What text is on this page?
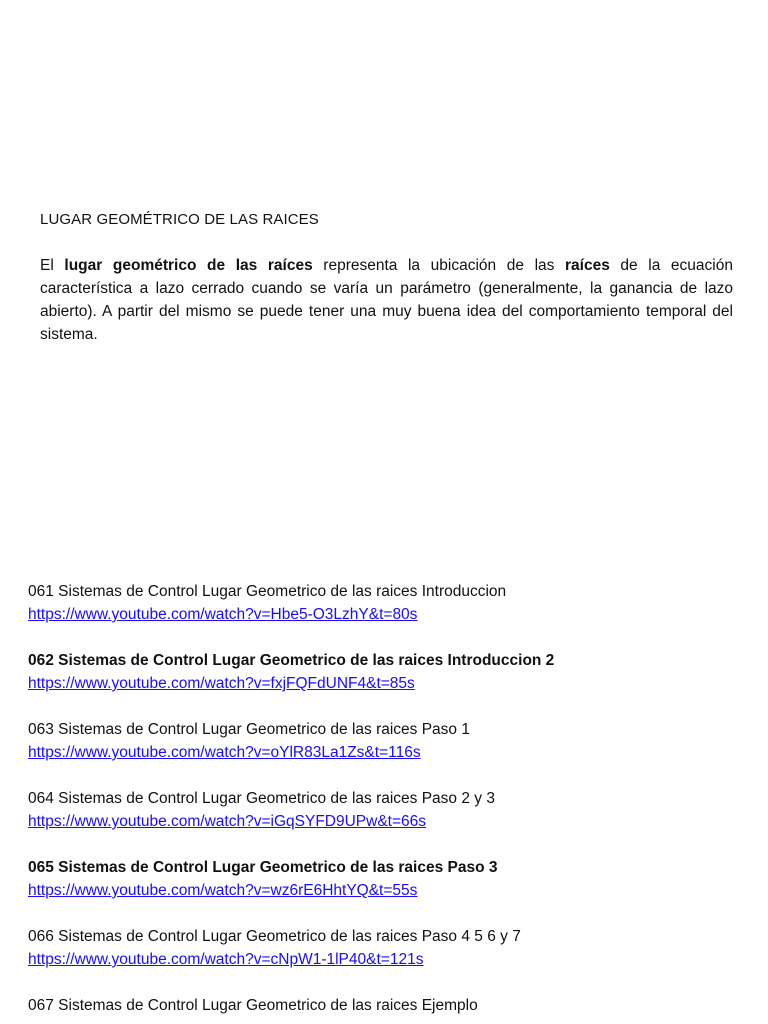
LUGAR GEOMÉTRICO DE LAS RAICES

El lugar geométrico de las raíces representa la ubicación de las raíces de la ecuación característica a lazo cerrado cuando se varía un parámetro (generalmente, la ganancia de lazo abierto). A partir del mismo se puede tener una muy buena idea del comportamiento temporal del sistema.

061 Sistemas de Control Lugar Geometrico de las raices Introduccion
https://www.youtube.com/watch?v=Hbe5-O3LzhY&t=80s
062 Sistemas de Control Lugar Geometrico de las raices Introduccion 2
https://www.youtube.com/watch?v=fxjFQFdUNF4&t=85s
063 Sistemas de Control Lugar Geometrico de las raices Paso 1
https://www.youtube.com/watch?v=oYlR83La1Zs&t=116s
064 Sistemas de Control Lugar Geometrico de las raices Paso 2 y 3
https://www.youtube.com/watch?v=iGqSYFD9UPw&t=66s
065 Sistemas de Control Lugar Geometrico de las raices Paso 3
https://www.youtube.com/watch?v=wz6rE6HhtYQ&t=55s
066 Sistemas de Control Lugar Geometrico de las raices Paso 4 5 6 y 7
https://www.youtube.com/watch?v=cNpW1-1lP40&t=121s
067 Sistemas de Control Lugar Geometrico de las raices Ejemplo
